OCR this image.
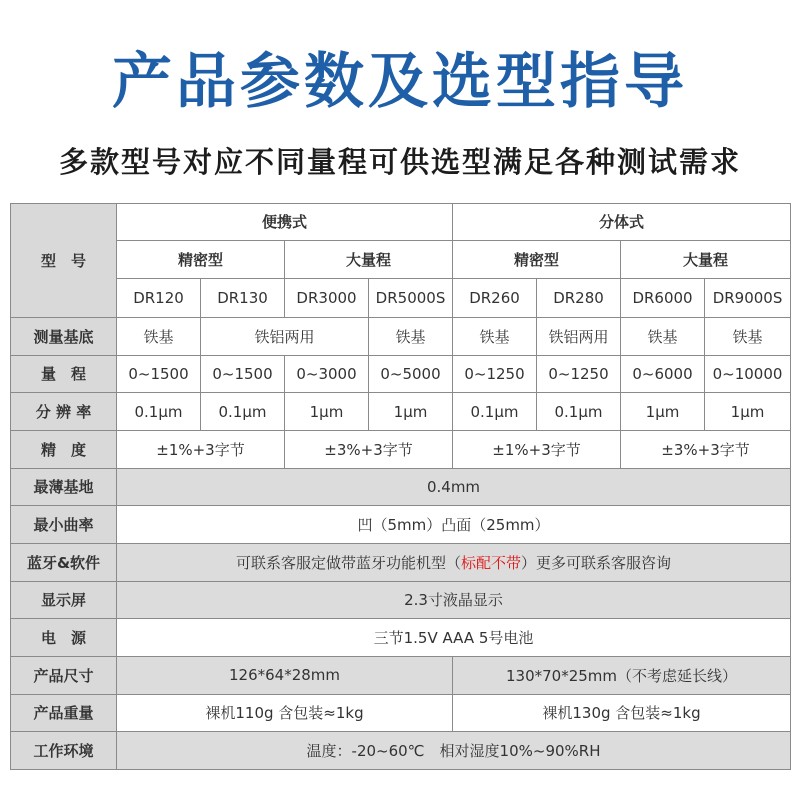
产品参数及选型指导
多款型号对应不同量程可供选型满足各种测试需求
型　号	便携式				分体式			
	精密型		大量程		精密型		大量程	
	DR120	DR130	DR3000	DR5000S	DR260	DR280	DR6000	DR9000S
测量基底	铁基	铁铝两用		铁基	铁基	铁铝两用	铁基	铁基
量　程	0~1500	0~1500	0~3000	0~5000	0~1250	0~1250	0~6000	0~10000
分 辨 率	0.1μm	0.1μm	1μm	1μm	0.1μm	0.1μm	1μm	1μm
精　度	±1%+3字节		±3%+3字节		±1%+3字节		±3%+3字节	
最薄基地	0.4mm							
最小曲率	凹（5mm）凸面（25mm）							
蓝牙&软件	可联系客服定做带蓝牙功能机型（标配不带）更多可联系客服咨询							
显示屏	2.3寸液晶显示							
电　源	三节1.5V AAA 5号电池							
产品尺寸	126*64*28mm				130*70*25mm（不考虑延长线）			
产品重量	裸机110g 含包装≈1kg				裸机130g 含包装≈1kg			
工作环境	温度：-20~60℃　相对湿度10%~90%RH							
